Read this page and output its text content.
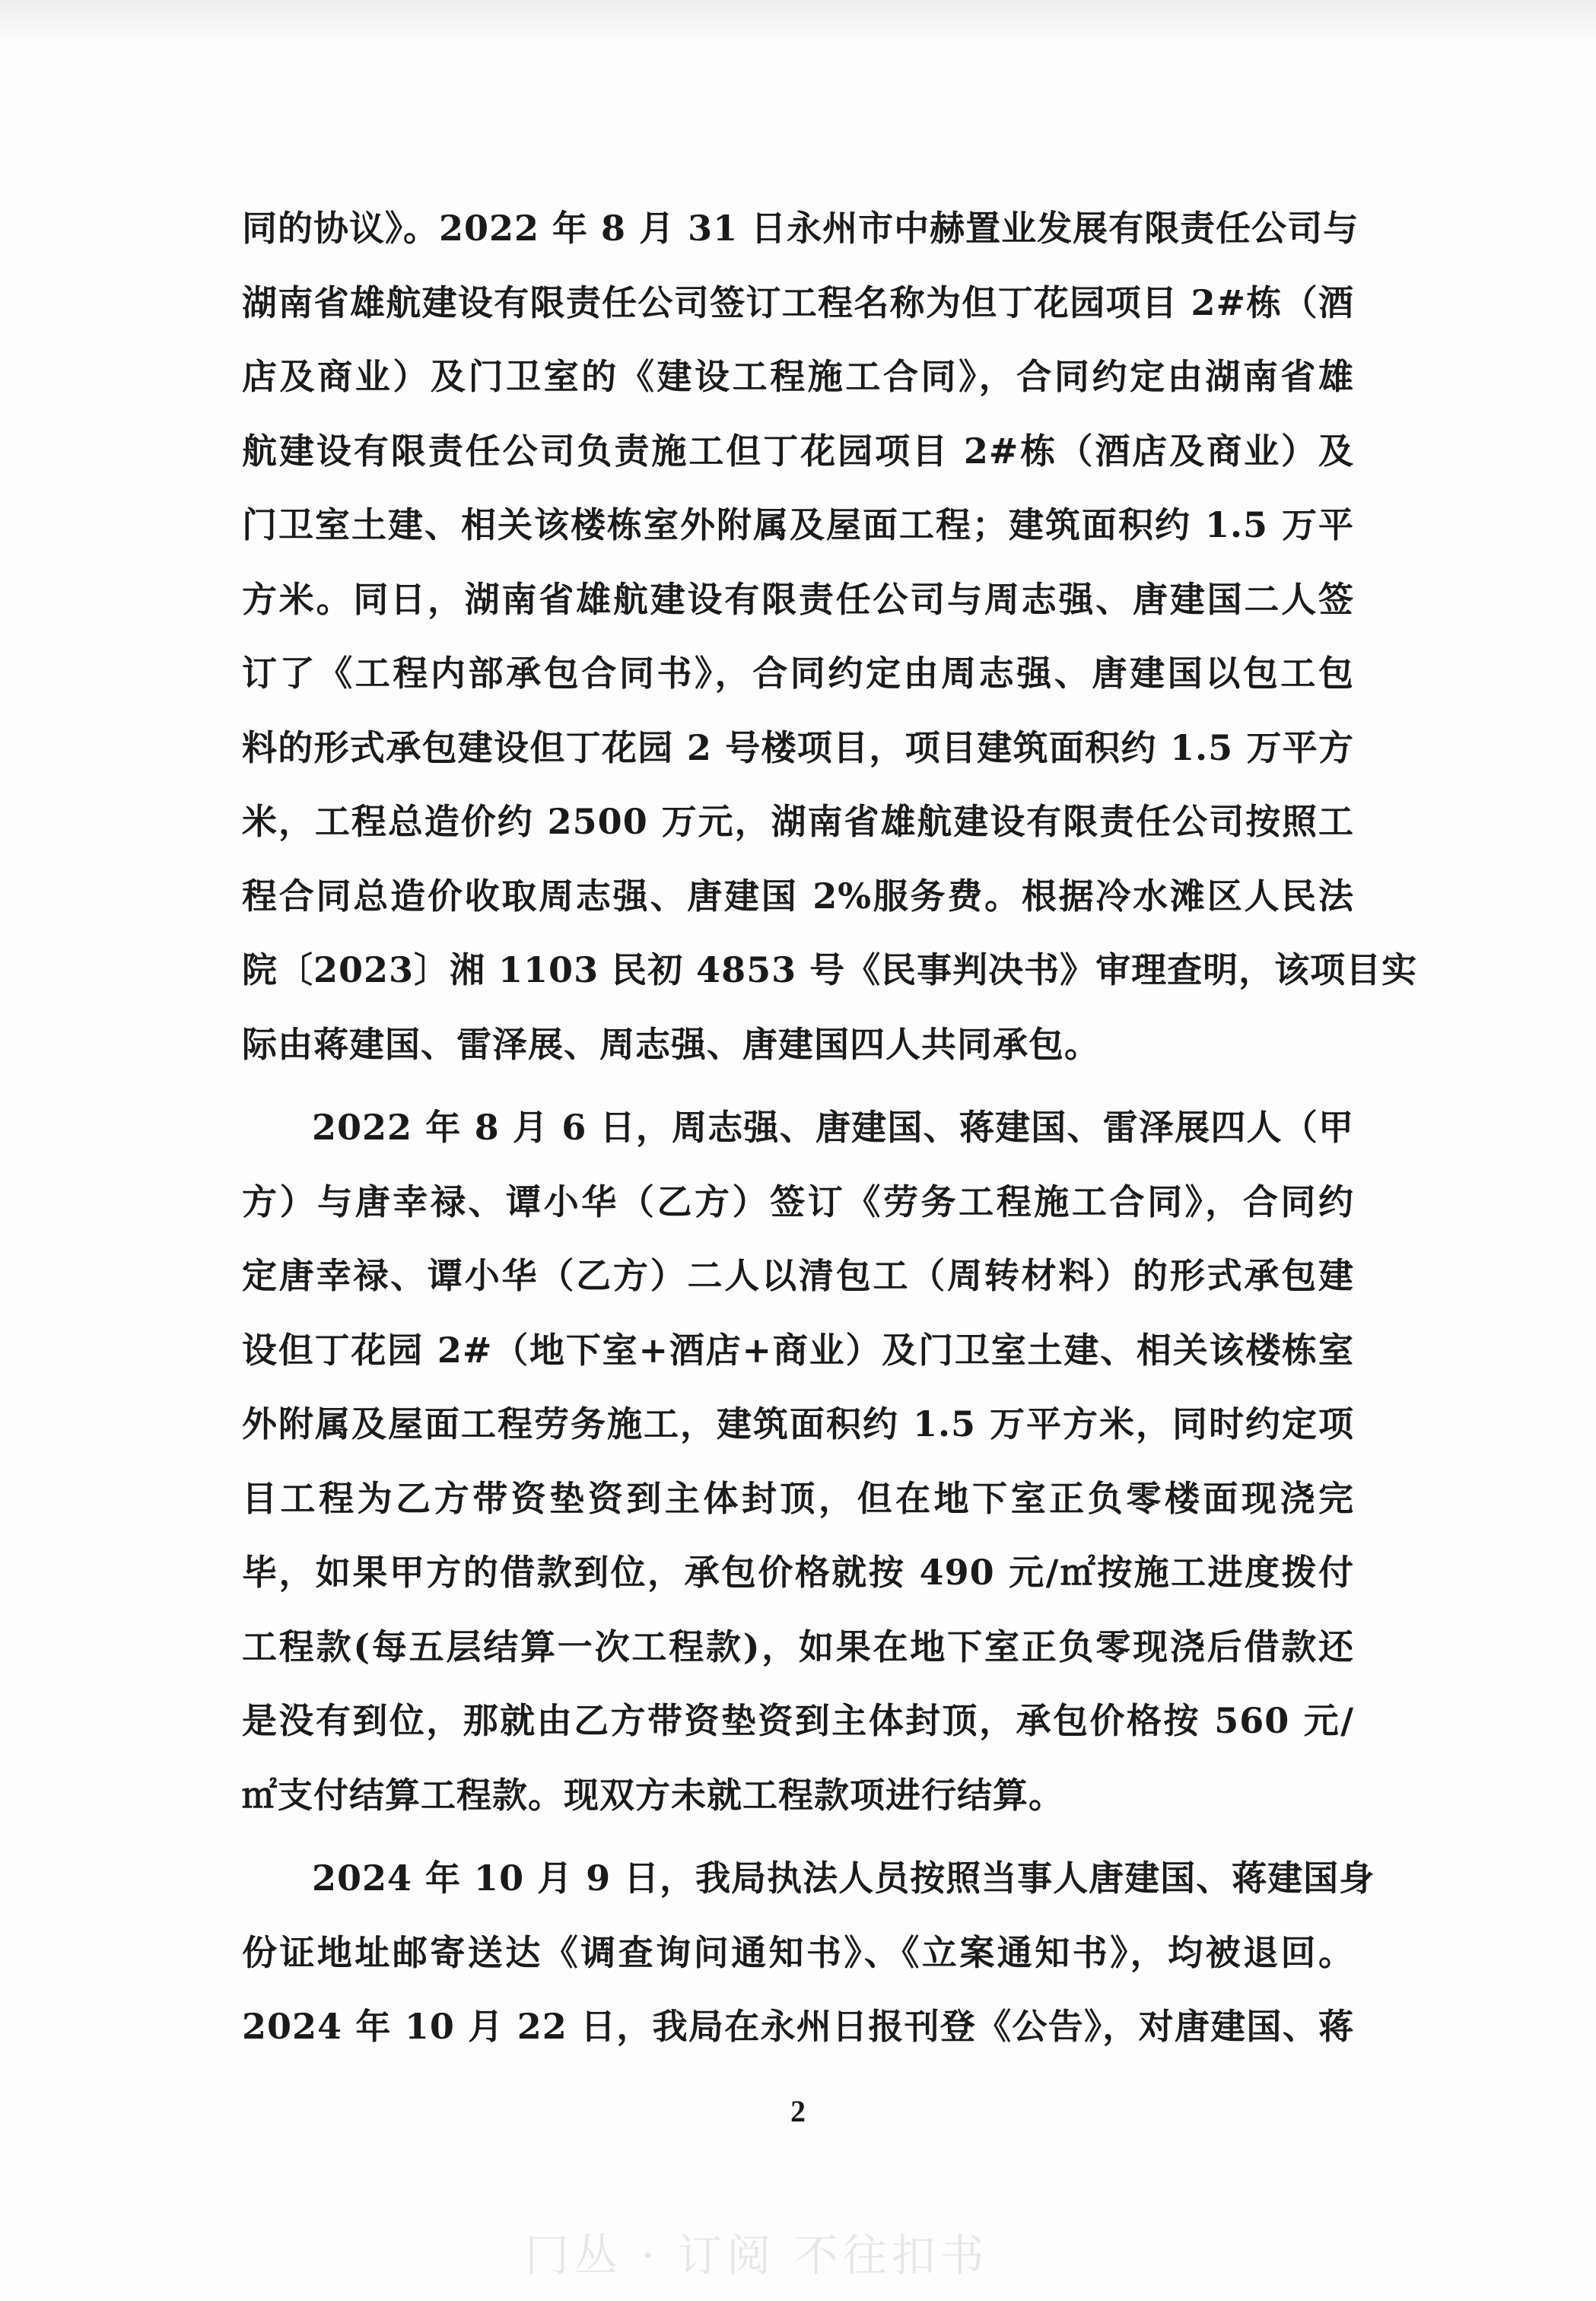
同的协议》。2022 年 8 月 31 日永州市中赫置业发展有限责任公司与
湖南省雄航建设有限责任公司签订工程名称为但丁花园项目 2#栋（酒
店及商业）及门卫室的《建设工程施工合同》，合同约定由湖南省雄
航建设有限责任公司负责施工但丁花园项目 2#栋（酒店及商业）及
门卫室土建、相关该楼栋室外附属及屋面工程；建筑面积约 1.5 万平
方米。同日，湖南省雄航建设有限责任公司与周志强、唐建国二人签
订了《工程内部承包合同书》，合同约定由周志强、唐建国以包工包
料的形式承包建设但丁花园 2 号楼项目，项目建筑面积约 1.5 万平方
米，工程总造价约 2500 万元，湖南省雄航建设有限责任公司按照工
程合同总造价收取周志强、唐建国 2%服务费。根据冷水滩区人民法
院〔2023〕湘 1103 民初 4853 号《民事判决书》审理查明，该项目实
际由蒋建国、雷泽展、周志强、唐建国四人共同承包。
2022 年 8 月 6 日，周志强、唐建国、蒋建国、雷泽展四人（甲
方）与唐幸禄、谭小华（乙方）签订《劳务工程施工合同》，合同约
定唐幸禄、谭小华（乙方）二人以清包工（周转材料）的形式承包建
设但丁花园 2#（地下室+酒店+商业）及门卫室土建、相关该楼栋室
外附属及屋面工程劳务施工，建筑面积约 1.5 万平方米，同时约定项
目工程为乙方带资垫资到主体封顶，但在地下室正负零楼面现浇完
毕，如果甲方的借款到位，承包价格就按 490 元/㎡按施工进度拨付
工程款(每五层结算一次工程款)，如果在地下室正负零现浇后借款还
是没有到位，那就由乙方带资垫资到主体封顶，承包价格按 560 元/
㎡支付结算工程款。现双方未就工程款项进行结算。
2024 年 10 月 9 日，我局执法人员按照当事人唐建国、蒋建国身
份证地址邮寄送达《调查询问通知书》、《立案通知书》，均被退回。
2024 年 10 月 22 日，我局在永州日报刊登《公告》，对唐建国、蒋
2
冂丛 · 订阅 不往扣书
